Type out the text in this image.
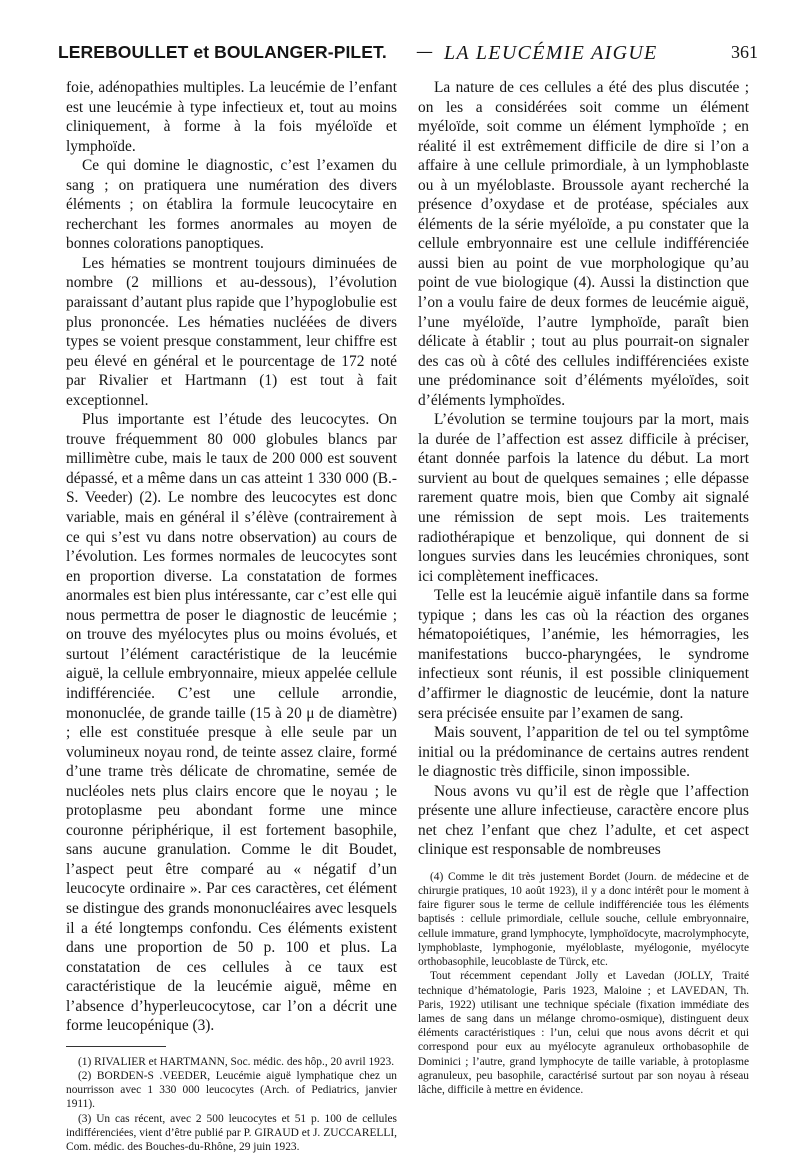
LEREBOULLET et BOULANGER-PILET. — LA LEUCÉMIE AIGUE	361

foie, adénopathies multiples. La leucémie de l’enfant est une leucémie à type infectieux et, tout au moins cliniquement, à forme à la fois myéloïde et lymphoïde.

Ce qui domine le diagnostic, c’est l’examen du sang ; on pratiquera une numération des divers éléments ; on établira la formule leucocytaire en recherchant les formes anormales au moyen de bonnes colorations panoptiques.

Les hématies se montrent toujours diminuées de nombre (2 millions et au-dessous), l’évolution paraissant d’autant plus rapide que l’hypoglobulie est plus prononcée. Les hématies nucléées de divers types se voient presque constamment, leur chiffre est peu élevé en général et le pourcentage de 172 noté par Rivalier et Hartmann (1) est tout à fait exceptionnel.

Plus importante est l’étude des leucocytes. On trouve fréquemment 80 000 globules blancs par millimètre cube, mais le taux de 200 000 est souvent dépassé, et a même dans un cas atteint 1 330 000 (B.-S. Veeder) (2). Le nombre des leucocytes est donc variable, mais en général il s’élève (contrairement à ce qui s’est vu dans notre observation) au cours de l’évolution. Les formes normales de leucocytes sont en proportion diverse. La constatation de formes anormales est bien plus intéressante, car c’est elle qui nous permettra de poser le diagnostic de leucémie ; on trouve des myélocytes plus ou moins évolués, et surtout l’élément caractéristique de la leucémie aiguë, la cellule embryonnaire, mieux appelée cellule indifférenciée. C’est une cellule arrondie, mononuclée, de grande taille (15 à 20 μ de diamètre) ; elle est constituée presque à elle seule par un volumineux noyau rond, de teinte assez claire, formé d’une trame très délicate de chromatine, semée de nucléoles nets plus clairs encore que le noyau ; le protoplasme peu abondant forme une mince couronne périphérique, il est fortement basophile, sans aucune granulation. Comme le dit Boudet, l’aspect peut être comparé au « négatif d’un leucocyte ordinaire ». Par ces caractères, cet élément se distingue des grands mononucléaires avec lesquels il a été longtemps confondu. Ces éléments existent dans une proportion de 50 p. 100 et plus. La constatation de ces cellules à ce taux est caractéristique de la leucémie aiguë, même en l’absence d’hyperleucocytose, car l’on a décrit une forme leucopénique (3).

(1) RIVALIER et HARTMANN, Soc. médic. des hôp., 20 avril 1923.

(2) BORDEN-S .VEEDER, Leucémie aiguë lymphatique chez un nourrisson avec 1 330 000 leucocytes (Arch. of Pediatrics, janvier 1911).

(3) Un cas récent, avec 2 500 leucocytes et 51 p. 100 de cellules indifférenciées, vient d’être publié par P. GIRAUD et J. ZUCCARELLI, Com. médic. des Bouches-du-Rhône, 29 juin 1923.

La nature de ces cellules a été des plus discutée ; on les a considérées soit comme un élément myéloïde, soit comme un élément lymphoïde ; en réalité il est extrêmement difficile de dire si l’on a affaire à une cellule primordiale, à un lymphoblaste ou à un myéloblaste. Broussole ayant recherché la présence d’oxydase et de protéase, spéciales aux éléments de la série myéloïde, a pu constater que la cellule embryonnaire est une cellule indifférenciée aussi bien au point de vue morphologique qu’au point de vue biologique (4). Aussi la distinction que l’on a voulu faire de deux formes de leucémie aiguë, l’une myéloïde, l’autre lymphoïde, paraît bien délicate à établir ; tout au plus pourrait-on signaler des cas où à côté des cellules indifférenciées existe une prédominance soit d’éléments myéloïdes, soit d’éléments lymphoïdes.

L’évolution se termine toujours par la mort, mais la durée de l’affection est assez difficile à préciser, étant donnée parfois la latence du début. La mort survient au bout de quelques semaines ; elle dépasse rarement quatre mois, bien que Comby ait signalé une rémission de sept mois. Les traitements radiothérapique et benzolique, qui donnent de si longues survies dans les leucémies chroniques, sont ici complètement inefficaces.

Telle est la leucémie aiguë infantile dans sa forme typique ; dans les cas où la réaction des organes hématopoiétiques, l’anémie, les hémorragies, les manifestations bucco-pharyngées, le syndrome infectieux sont réunis, il est possible cliniquement d’affirmer le diagnostic de leucémie, dont la nature sera précisée ensuite par l’examen de sang.

Mais souvent, l’apparition de tel ou tel symptôme initial ou la prédominance de certains autres rendent le diagnostic très difficile, sinon impossible.

Nous avons vu qu’il est de règle que l’affection présente une allure infectieuse, caractère encore plus net chez l’enfant que chez l’adulte, et cet aspect clinique est responsable de nombreuses

(4) Comme le dit très justement Bordet (Journ. de médecine et de chirurgie pratiques, 10 août 1923), il y a donc intérêt pour le moment à faire figurer sous le terme de cellule indifférenciée tous les éléments baptisés : cellule primordiale, cellule souche, cellule embryonnaire, cellule immature, grand lymphocyte, lymphoïdocyte, macrolymphocyte, lymphoblaste, lymphogonie, myéloblaste, myélogonie, myélocyte orthobasophile, leucoblaste de Türck, etc.

Tout récemment cependant Jolly et Lavedan (JOLLY, Traité technique d’hématologie, Paris 1923, Maloine ; et LAVEDAN, Th. Paris, 1922) utilisant une technique spéciale (fixation immédiate des lames de sang dans un mélange chromo-osmique), distinguent deux éléments caractéristiques : l’un, celui que nous avons décrit et qui correspond pour eux au myélocyte agranuleux orthobasophile de Dominici ; l’autre, grand lymphocyte de taille variable, à protoplasme agranuleux, peu basophile, caractérisé surtout par son noyau à réseau lâche, difficile à mettre en évidence.
